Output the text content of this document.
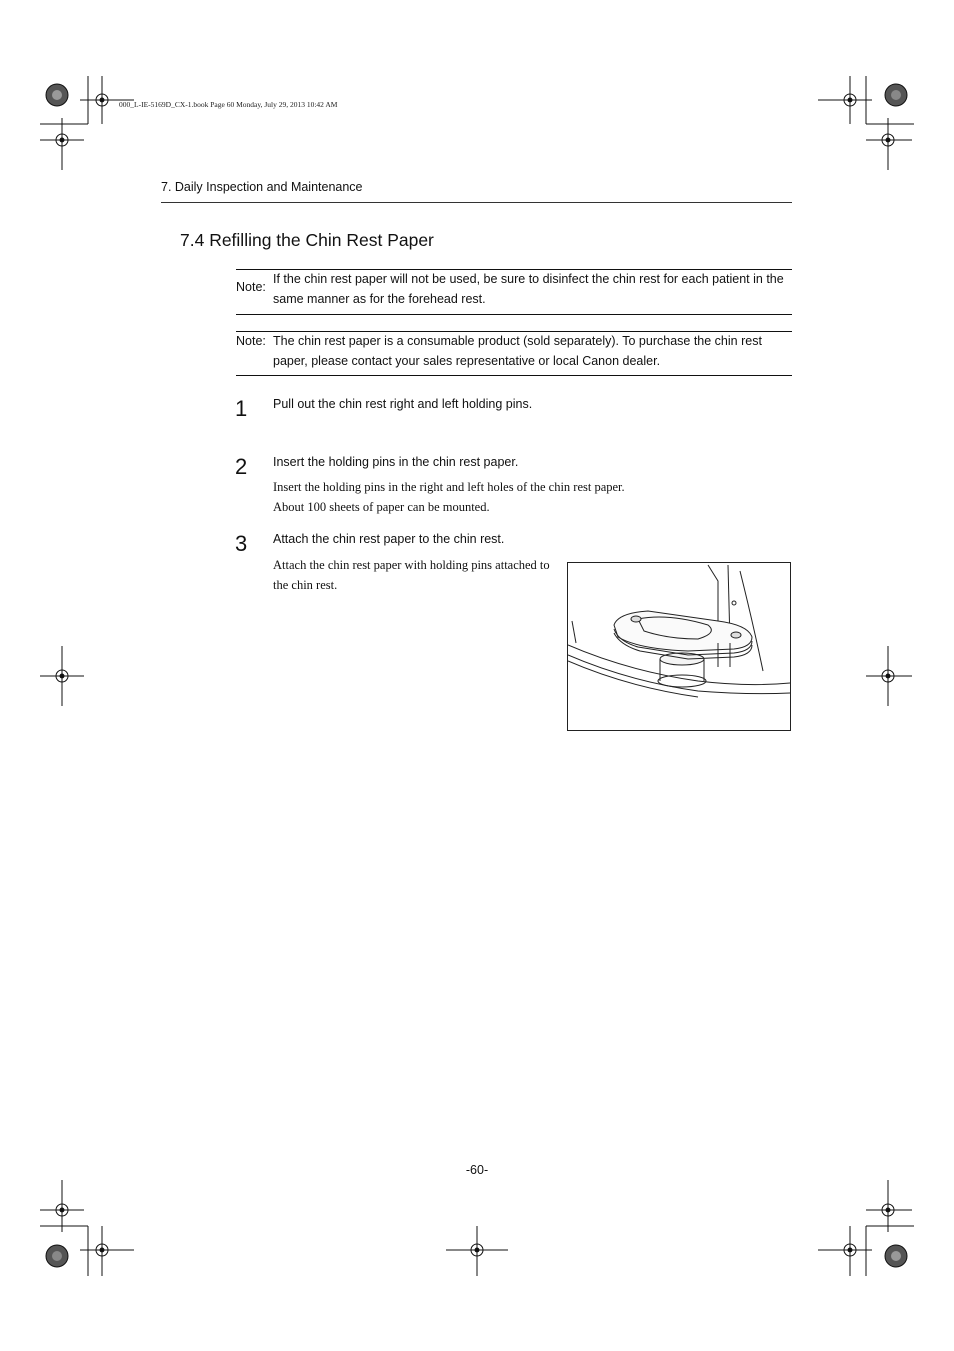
000_L-IE-5169D_CX-1.book Page 60 Monday, July 29, 2013 10:42 AM
7. Daily Inspection and Maintenance
7.4 Refilling the Chin Rest Paper
Note:
If the chin rest paper will not be used, be sure to disinfect the chin rest for each patient in the same manner as for the forehead rest.
Note: The chin rest paper is a consumable product (sold separately). To purchase the chin rest paper, please contact your sales representative or local Canon dealer.
1 Pull out the chin rest right and left holding pins.
2 Insert the holding pins in the chin rest paper.
Insert the holding pins in the right and left holes of the chin rest paper.
About 100 sheets of paper can be mounted.
3 Attach the chin rest paper to the chin rest.
Attach the chin rest paper with holding pins attached to the chin rest.
-60-
